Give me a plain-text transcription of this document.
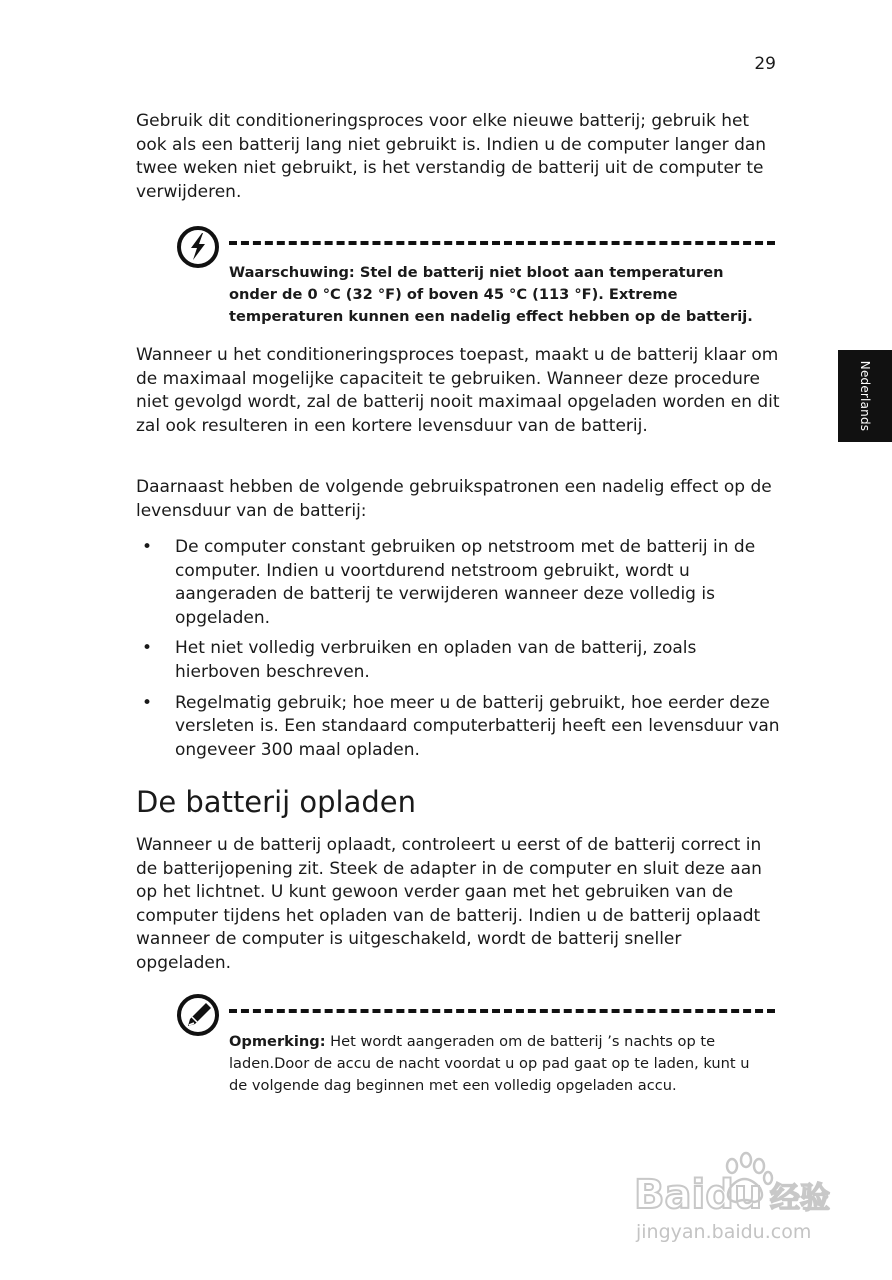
29
Nederlands

Gebruik dit conditioneringsproces voor elke nieuwe batterij; gebruik het ook als een batterij lang niet gebruikt is. Indien u de computer langer dan twee weken niet gebruikt, is het verstandig de batterij uit de computer te verwijderen.

Waarschuwing: Stel de batterij niet bloot aan temperaturen onder de 0 °C (32 °F) of boven 45 °C (113 °F). Extreme temperaturen kunnen een nadelig effect hebben op de batterij.

Wanneer u het conditioneringsproces toepast, maakt u de batterij klaar om de maximaal mogelijke capaciteit te gebruiken. Wanneer deze procedure niet gevolgd wordt, zal de batterij nooit maximaal opgeladen worden en dit zal ook resulteren in een kortere levensduur van de batterij.

Daarnaast hebben de volgende gebruikspatronen een nadelig effect op de levensduur van de batterij:

• De computer constant gebruiken op netstroom met de batterij in de computer. Indien u voortdurend netstroom gebruikt, wordt u aangeraden de batterij te verwijderen wanneer deze volledig is opgeladen.
• Het niet volledig verbruiken en opladen van de batterij, zoals hierboven beschreven.
• Regelmatig gebruik; hoe meer u de batterij gebruikt, hoe eerder deze versleten is. Een standaard computerbatterij heeft een levensduur van ongeveer 300 maal opladen.
De batterij opladen

Wanneer u de batterij oplaadt, controleert u eerst of de batterij correct in de batterijopening zit. Steek de adapter in de computer en sluit deze aan op het lichtnet. U kunt gewoon verder gaan met het gebruiken van de computer tijdens het opladen van de batterij. Indien u de batterij oplaadt wanneer de computer is uitgeschakeld, wordt de batterij sneller opgeladen.

Opmerking: Het wordt aangeraden om de batterij ’s nachts op te laden.Door de accu de nacht voordat u op pad gaat op te laden, kunt u de volgende dag beginnen met een volledig opgeladen accu.

Baidu 经验
jingyan.baidu.com
